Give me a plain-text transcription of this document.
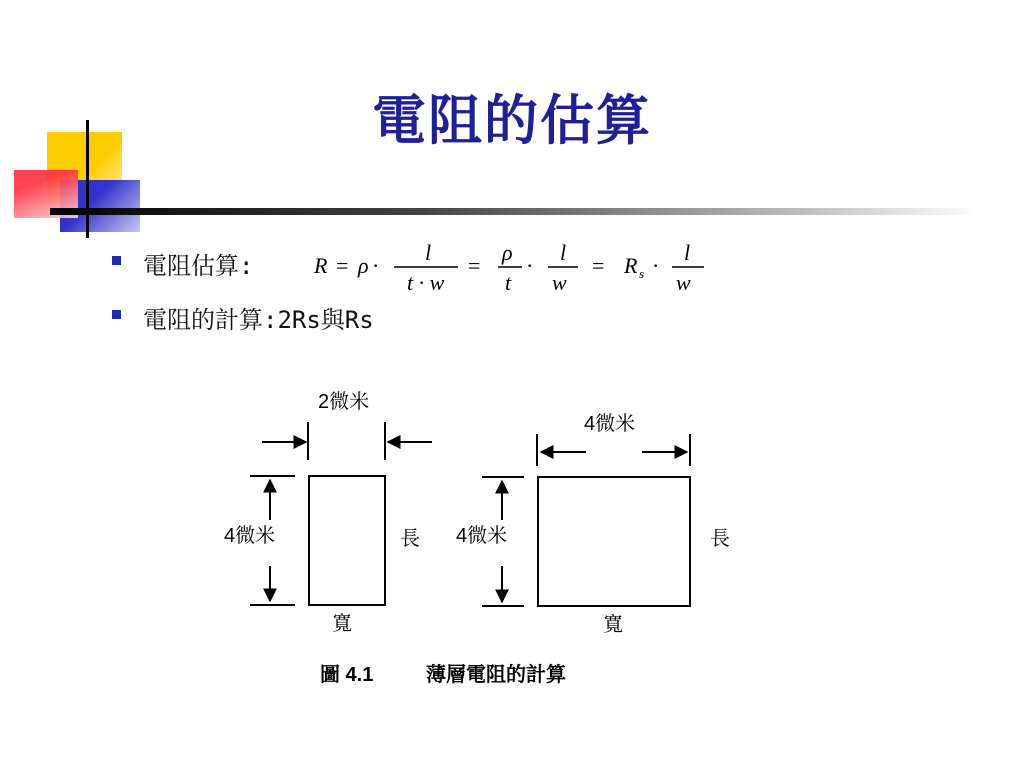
電阻的估算
電阻估算:
電阻的計算:2Rs與Rs
R = ρ ·
l
t · w
=
ρ
t
·
l
w
= R s ·
l
w
2微米
4微米	長
寬
4微米
4微米	長
寬
圖 4.1	薄層電阻的計算
